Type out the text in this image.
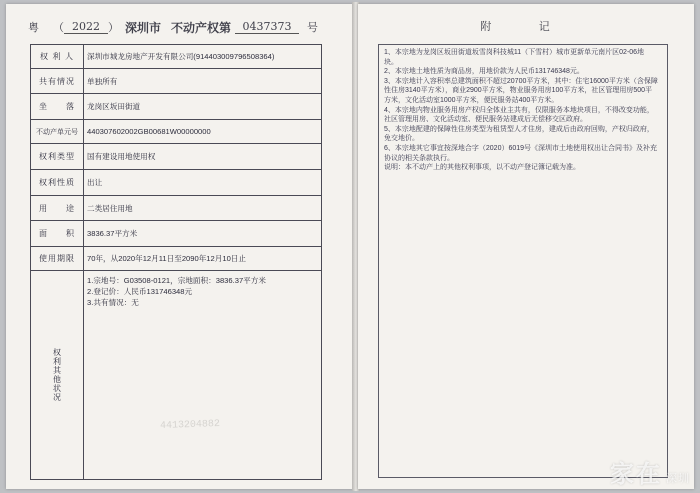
粤 （ 2022 ） 深圳市 不动产权第	0437373	号
权 利 人	深圳市城龙房地产开发有限公司(91440300979650836​4)
共有情况	单独所有
坐　　落	龙岗区坂田街道
不动产单元号	440307602002GB00681W00000000
权利类型	国有建设用地使用权
权利性质	出让
用　　途	二类居住用地
面　　积	3836.37平方米
使用期限	70年，从2020年12月11日至2090年12月10日止

权利其他状况	1.宗地号：G03508-0121，宗地面积：3836.37平方米
2.登记价：人民币131746348元
3.共有情况：无
4413204882
附 记
1、本宗地为龙岗区坂田街道坂雪岗科技城11（下雪村）城市更新单元南片区02-06地块。
2、本宗地土地性质为商品房，用地价款为人民币131746348元。
3、本宗地计入容积率总建筑面积不超过20700平方米，其中：住宅16000平方米（含保障性住房3140平方米），商业2900平方米，物业服务用房100平方米，社区管理用房500平方米，文化活动室1000平方米，便民服务站400平方米。
4、本宗地内物业服务用房产权归全体业主共有，仅限服务本地块项目，不得改变功能，社区管理用房、文化活动室、便民服务站建成后无偿移交区政府。
5、本宗地配建的保障性住房类型为租赁型人才住房，建成后由政府回购，产权归政府，免交地价。
6、本宗地其它事宜按深地合字（2020）6019号《深圳市土地使用权出让合同书》及补充协议的相关条款执行。
说明：本不动产上的其他权利事项，以不动产登记簿记载为准。
家在 深圳
